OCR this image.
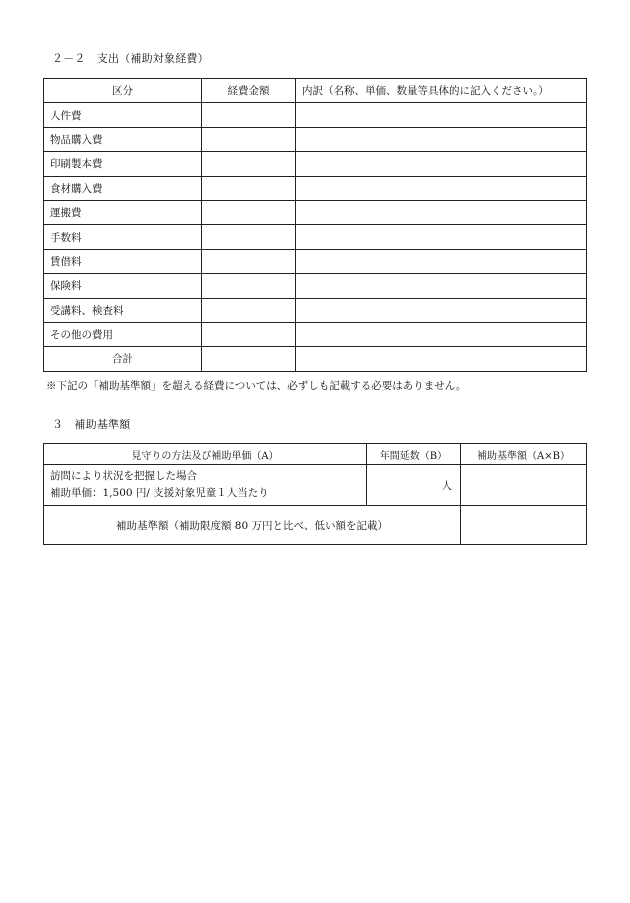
２－２　支出（補助対象経費）
区分	経費金額	内訳（名称、単価、数量等具体的に記入ください。）
人件費		
物品購入費		
印刷製本費		
食材購入費		
運搬費		
手数料		
賃借料		
保険料		
受講料、検査料		
その他の費用		
合計		
※下記の「補助基準額」を超える経費については、必ずしも記載する必要はありません。
３　補助基準額
見守りの方法及び補助単価（A）	年間延数（B）	補助基準額（A×B）

訪問により状況を把握した場合
補助単価：1,500 円/ 支援対象児童１人当たり	人	
補助基準額（補助限度額 80 万円と比べ、低い額を記載）		
